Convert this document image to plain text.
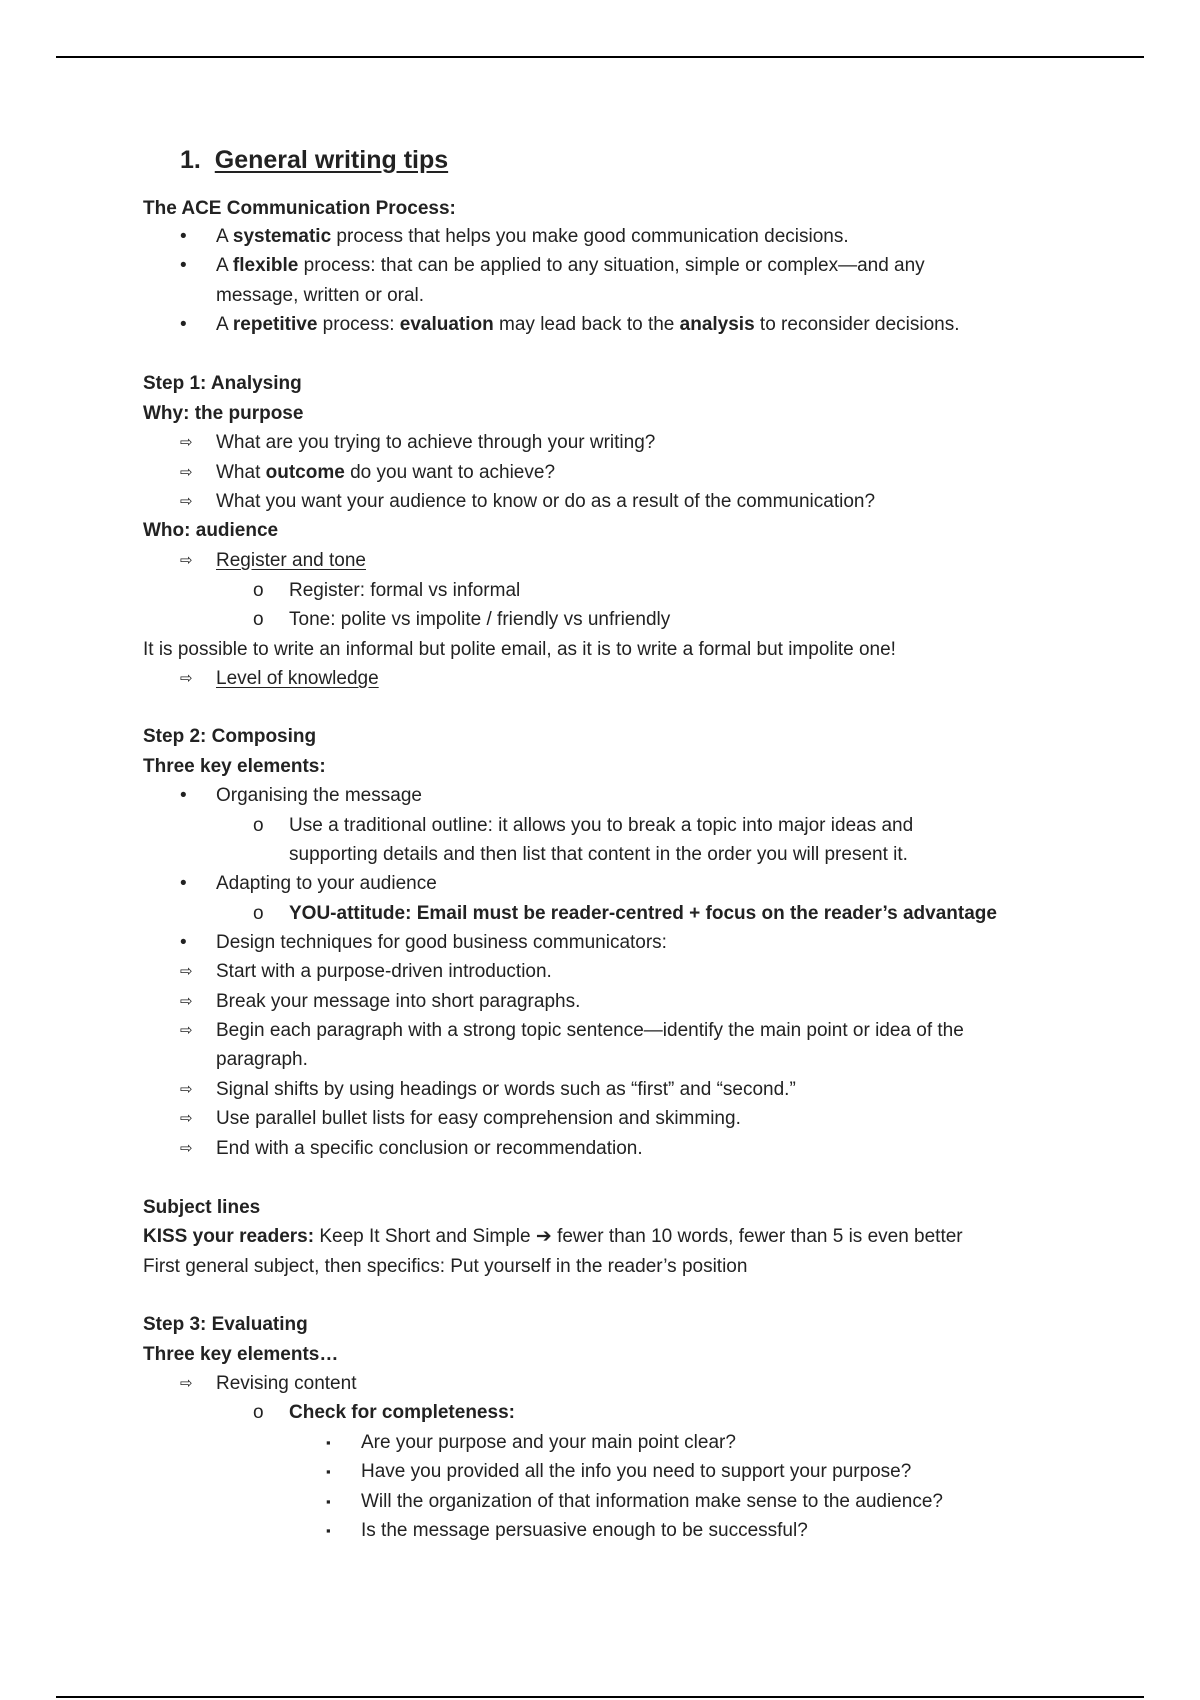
1. General writing tips
The ACE Communication Process:
• A systematic process that helps you make good communication decisions.
• A flexible process: that can be applied to any situation, simple or complex—and any
message, written or oral.
• A repetitive process: evaluation may lead back to the analysis to reconsider decisions.
Step 1: Analysing
Why: the purpose
⇨ What are you trying to achieve through your writing?
⇨ What outcome do you want to achieve?
⇨ What you want your audience to know or do as a result of the communication?
Who: audience
⇨ Register and tone
o Register: formal vs informal
o Tone: polite vs impolite / friendly vs unfriendly
It is possible to write an informal but polite email, as it is to write a formal but impolite one!
⇨ Level of knowledge
Step 2: Composing
Three key elements:
• Organising the message
o Use a traditional outline: it allows you to break a topic into major ideas and
supporting details and then list that content in the order you will present it.
• Adapting to your audience
o YOU-attitude: Email must be reader-centred + focus on the reader’s advantage
• Design techniques for good business communicators:
⇨ Start with a purpose-driven introduction.
⇨ Break your message into short paragraphs.
⇨ Begin each paragraph with a strong topic sentence—identify the main point or idea of the
paragraph.
⇨ Signal shifts by using headings or words such as “first” and “second.”
⇨ Use parallel bullet lists for easy comprehension and skimming.
⇨ End with a specific conclusion or recommendation.
Subject lines
KISS your readers: Keep It Short and Simple ➔ fewer than 10 words, fewer than 5 is even better
First general subject, then specifics: Put yourself in the reader’s position
Step 3: Evaluating
Three key elements…
⇨ Revising content
o Check for completeness:
▪ Are your purpose and your main point clear?
▪ Have you provided all the info you need to support your purpose?
▪ Will the organization of that information make sense to the audience?
▪ Is the message persuasive enough to be successful?
